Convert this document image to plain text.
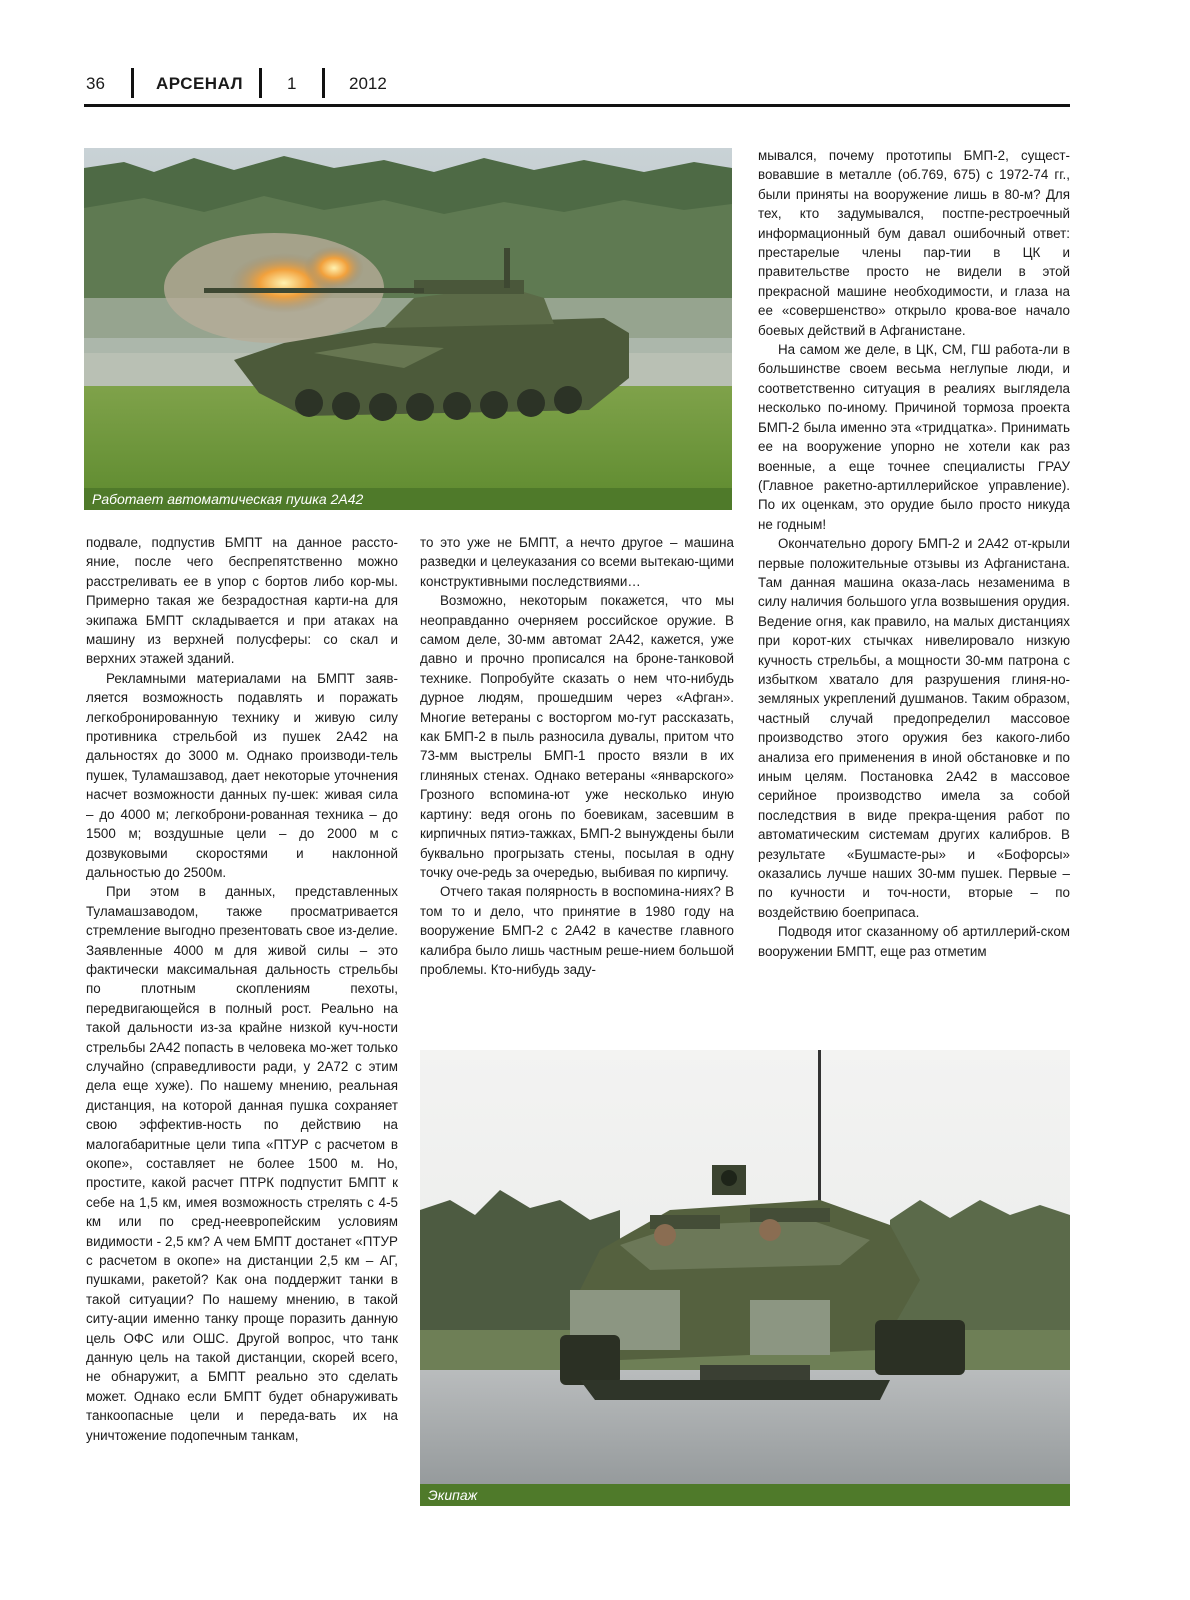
36	АРСЕНАЛ	1	2012
Работает автоматическая пушка 2А42
Экипаж

подвале, подпустив БМПТ на данное рассто-яние, после чего беспрепятственно можно расстреливать ее в упор с бортов либо кор-мы. Примерно такая же безрадостная карти-на для экипажа БМПТ складывается и при атаках на машину из верхней полусферы: со скал и верхних этажей зданий.

Рекламными материалами на БМПТ заяв-ляется возможность подавлять и поражать легкобронированную технику и живую силу противника стрельбой из пушек 2А42 на дальностях до 3000 м. Однако производи-тель пушек, Туламашзавод, дает некоторые уточнения насчет возможности данных пу-шек: живая сила – до 4000 м; легкоброни-рованная техника – до 1500 м; воздушные цели – до 2000 м с дозвуковыми скоростями и наклонной дальностью до 2500м.

При этом в данных, представленных Туламашзаводом, также просматривается стремление выгодно презентовать свое из-делие. Заявленные 4000 м для живой силы – это фактически максимальная дальность стрельбы по плотным скоплениям пехоты, передвигающейся в полный рост. Реально на такой дальности из-за крайне низкой куч-ности стрельбы 2А42 попасть в человека мо-жет только случайно (справедливости ради, у 2А72 с этим дела еще хуже). По нашему мнению, реальная дистанция, на которой данная пушка сохраняет свою эффектив-ность по действию на малогабаритные цели типа «ПТУР с расчетом в окопе», составляет не более 1500 м. Но, простите, какой расчет ПТРК подпустит БМПТ к себе на 1,5 км, имея возможность стрелять с 4-5 км или по сред-неевропейским условиям видимости - 2,5 км? А чем БМПТ достанет «ПТУР с расчетом в окопе» на дистанции 2,5 км – АГ, пушками, ракетой? Как она поддержит танки в такой ситуации? По нашему мнению, в такой ситу-ации именно танку проще поразить данную цель ОФС или ОШС. Другой вопрос, что танк данную цель на такой дистанции, скорей всего, не обнаружит, а БМПТ реально это сделать может. Однако если БМПТ будет обнаруживать танкоопасные цели и переда-вать их на уничтожение подопечным танкам,

то это уже не БМПТ, а нечто другое – машина разведки и целеуказания со всеми вытекаю-щими конструктивными последствиями…

Возможно, некоторым покажется, что мы неоправданно очерняем российское оружие. В самом деле, 30-мм автомат 2А42, кажется, уже давно и прочно прописался на броне-танковой технике. Попробуйте сказать о нем что-нибудь дурное людям, прошедшим через «Афган». Многие ветераны с восторгом мо-гут рассказать, как БМП-2 в пыль разносила дувалы, притом что 73-мм выстрелы БМП-1 просто вязли в их глиняных стенах. Однако ветераны «январского» Грозного вспомина-ют уже несколько иную картину: ведя огонь по боевикам, засевшим в кирпичных пятиэ-тажках, БМП-2 вынуждены были буквально прогрызать стены, посылая в одну точку оче-редь за очередью, выбивая по кирпичу.

Отчего такая полярность в воспомина-ниях? В том то и дело, что принятие в 1980 году на вооружение БМП-2 с 2А42 в качестве главного калибра было лишь частным реше-нием большой проблемы. Кто-нибудь заду-

мывался, почему прототипы БМП-2, сущест-вовавшие в металле (об.769, 675) с 1972-74 гг., были приняты на вооружение лишь в 80-м? Для тех, кто задумывался, постпе-рестроечный информационный бум давал ошибочный ответ: престарелые члены пар-тии в ЦК и правительстве просто не видели в этой прекрасной машине необходимости, и глаза на ее «совершенство» открыло крова-вое начало боевых действий в Афганистане.

На самом же деле, в ЦК, СМ, ГШ работа-ли в большинстве своем весьма неглупые люди, и соответственно ситуация в реалиях выглядела несколько по-иному. Причиной тормоза проекта БМП-2 была именно эта «тридцатка». Принимать ее на вооружение упорно не хотели как раз военные, а еще точнее специалисты ГРАУ (Главное ракетно-артиллерийское управление). По их оценкам, это орудие было просто никуда не годным!

Окончательно дорогу БМП-2 и 2А42 от-крыли первые положительные отзывы из Афганистана. Там данная машина оказа-лась незаменима в силу наличия большого угла возвышения орудия. Ведение огня, как правило, на малых дистанциях при корот-ких стычках нивелировало низкую кучность стрельбы, а мощности 30-мм патрона с избытком хватало для разрушения глиня-но-земляных укреплений душманов. Таким образом, частный случай предопределил массовое производство этого оружия без какого-либо анализа его применения в иной обстановке и по иным целям. Постановка 2А42 в массовое серийное производство имела за собой последствия в виде прекра-щения работ по автоматическим системам других калибров. В результате «Бушмасте-ры» и «Бофорсы» оказались лучше наших 30-мм пушек. Первые – по кучности и точ-ности, вторые – по воздействию боеприпаса.

Подводя итог сказанному об артиллерий-ском вооружении БМПТ, еще раз отметим
